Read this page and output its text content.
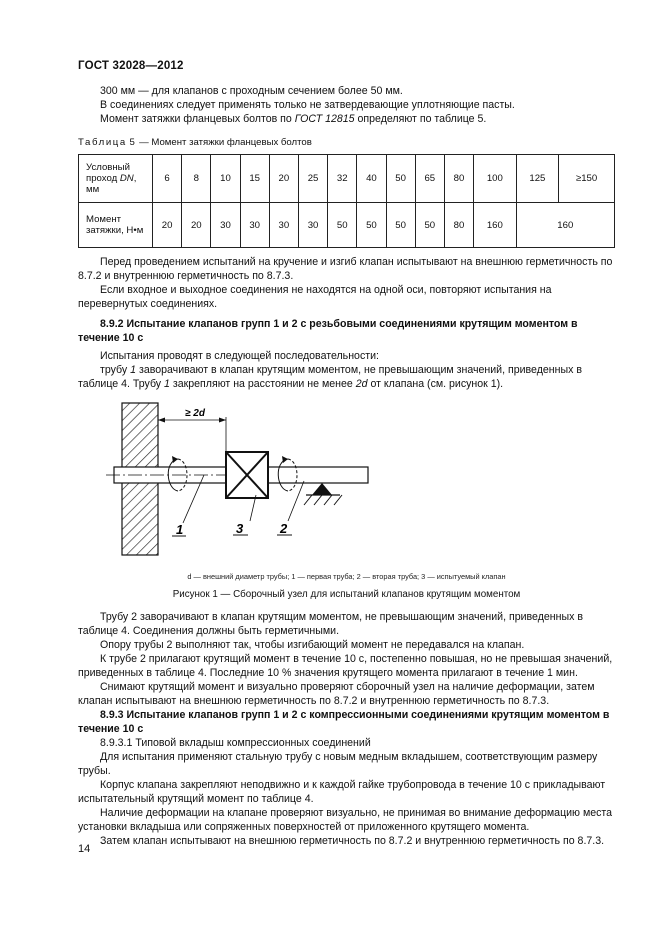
ГОСТ 32028—2012
300 мм — для клапанов с проходным сечением более 50 мм.
В соединениях следует применять только не затвердевающие уплотняющие пасты.
Момент затяжки фланцевых болтов по ГОСТ 12815 определяют по таблице 5.
Таблица 5 — Момент затяжки фланцевых болтов
Условный проход DN, мм	6	8	10	15	20	25	32	40	50	65	80	100	125	≥150
Момент затяжки, Н•м	20	20	30	30	30	30	50	50	50	50	80	160	160	
Перед проведением испытаний на кручение и изгиб клапан испытывают на внешнюю герметичность по 8.7.2 и внутреннюю герметичность по 8.7.3.
Если входное и выходное соединения не находятся на одной оси, повторяют испытания на перевернутых соединениях.
8.9.2 Испытание клапанов групп 1 и 2 с резьбовыми соединениями крутящим моментом в течение 10 с
Испытания проводят в следующей последовательности:
трубу 1 заворачивают в клапан крутящим моментом, не превышающим значений, приведенных в таблице 4. Трубу 1 закрепляют на расстоянии не менее 2d от клапана (см. рисунок 1).
≥ 2d
1	3	2
d — внешний диаметр трубы; 1 — первая труба; 2 — вторая труба; 3 — испытуемый клапан
Рисунок 1 — Сборочный узел для испытаний клапанов крутящим моментом
Трубу 2 заворачивают в клапан крутящим моментом, не превышающим значений, приведенных в таблице 4. Соединения должны быть герметичными.
Опору трубы 2 выполняют так, чтобы изгибающий момент не передавался на клапан.
К трубе 2 прилагают крутящий момент в течение 10 с, постепенно повышая, но не превышая значений, приведенных в таблице 4. Последние 10 % значения крутящего момента прилагают в течение 1 мин.
Снимают крутящий момент и визуально проверяют сборочный узел на наличие деформации, затем клапан испытывают на внешнюю герметичность по 8.7.2 и внутреннюю герметичность по 8.7.3.
8.9.3 Испытание клапанов групп 1 и 2 с компрессионными соединениями крутящим моментом в течение 10 с
8.9.3.1 Типовой вкладыш компрессионных соединений
Для испытания применяют стальную трубу с новым медным вкладышем, соответствующим размеру трубы.
Корпус клапана закрепляют неподвижно и к каждой гайке трубопровода в течение 10 с прикладывают испытательный крутящий момент по таблице 4.
Наличие деформации на клапане проверяют визуально, не принимая во внимание деформацию места установки вкладыша или сопряженных поверхностей от приложенного крутящего момента.
Затем клапан испытывают на внешнюю герметичность по 8.7.2 и внутреннюю герметичность по 8.7.3.
14
